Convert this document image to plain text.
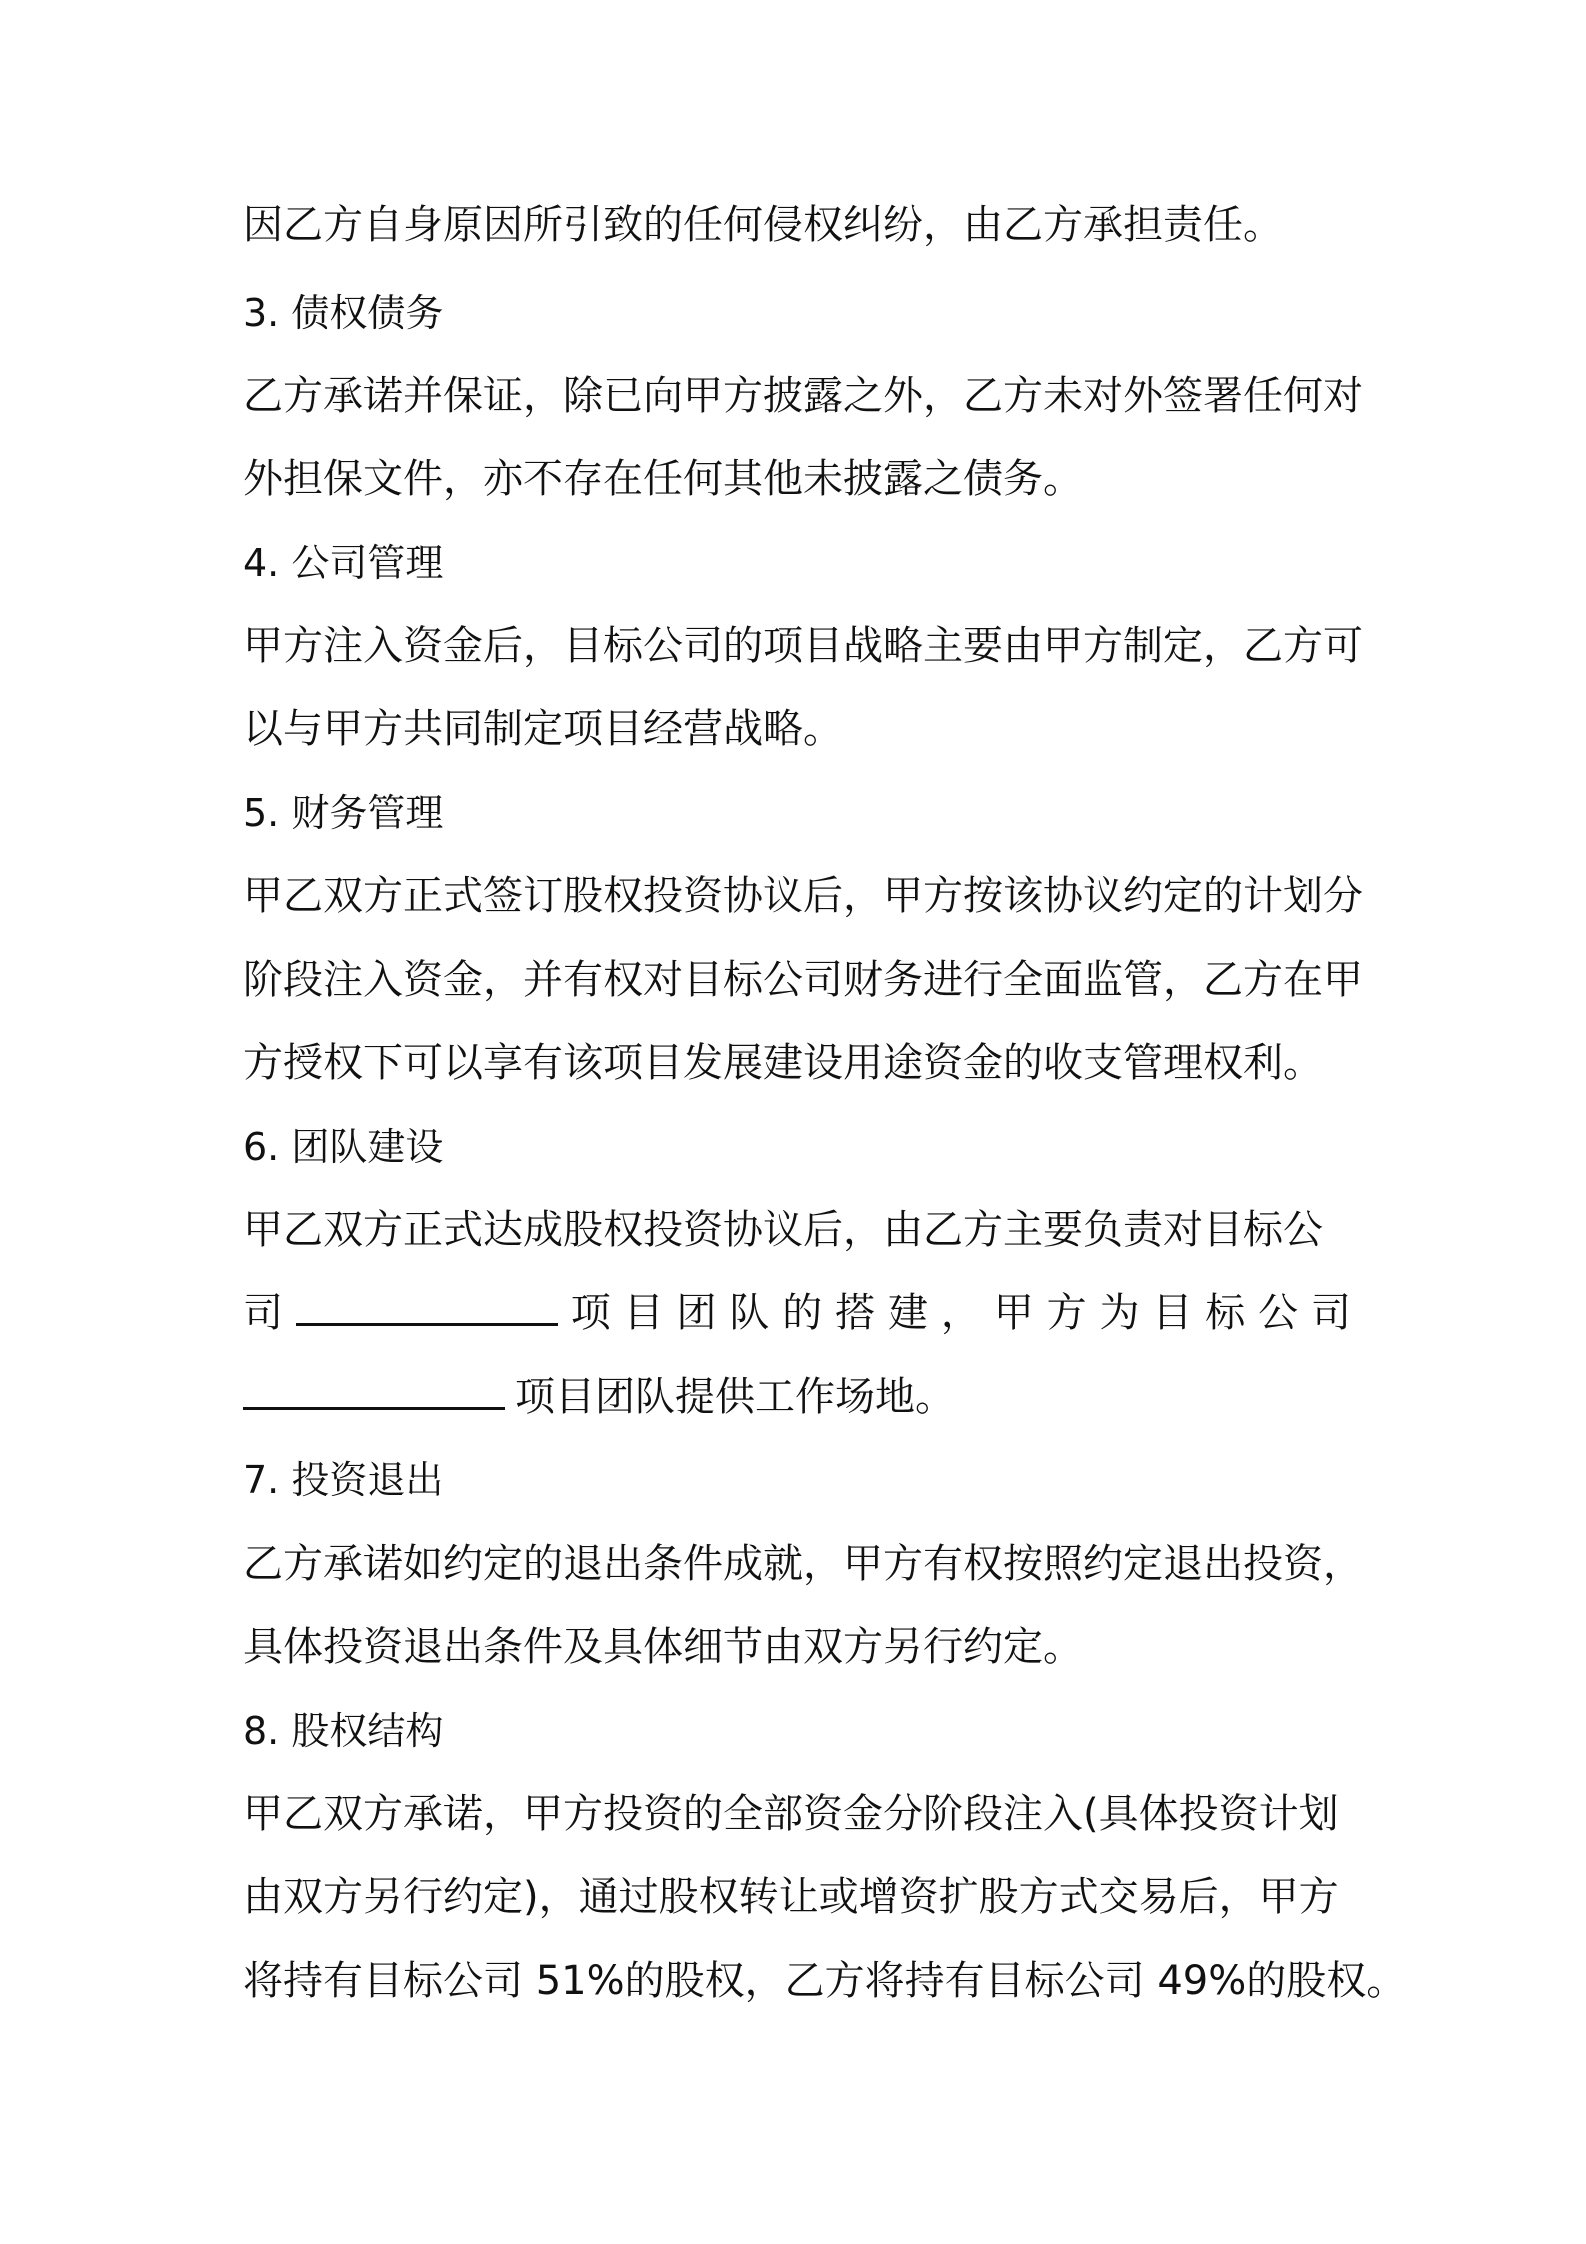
因乙方自身原因所引致的任何侵权纠纷，由乙方承担责任。

3. 债权债务

乙方承诺并保证，除已向甲方披露之外，乙方未对外签署任何对

外担保文件，亦不存在任何其他未披露之债务。

4. 公司管理

甲方注入资金后，目标公司的项目战略主要由甲方制定，乙方可

以与甲方共同制定项目经营战略。

5. 财务管理

甲乙双方正式签订股权投资协议后，甲方按该协议约定的计划分

阶段注入资金，并有权对目标公司财务进行全面监管，乙方在甲

方授权下可以享有该项目发展建设用途资金的收支管理权利。

6. 团队建设

甲乙双方正式达成股权投资协议后，由乙方主要负责对目标公

司	项 目 团 队 的 搭 建 ， 甲 方 为 目 标 公 司
项目团队提供工作场地。

7. 投资退出

乙方承诺如约定的退出条件成就，甲方有权按照约定退出投资，

具体投资退出条件及具体细节由双方另行约定。

8. 股权结构

甲乙双方承诺，甲方投资的全部资金分阶段注入(具体投资计划

由双方另行约定)，通过股权转让或增资扩股方式交易后，甲方

将持有目标公司 51%的股权，乙方将持有目标公司 49%的股权。
